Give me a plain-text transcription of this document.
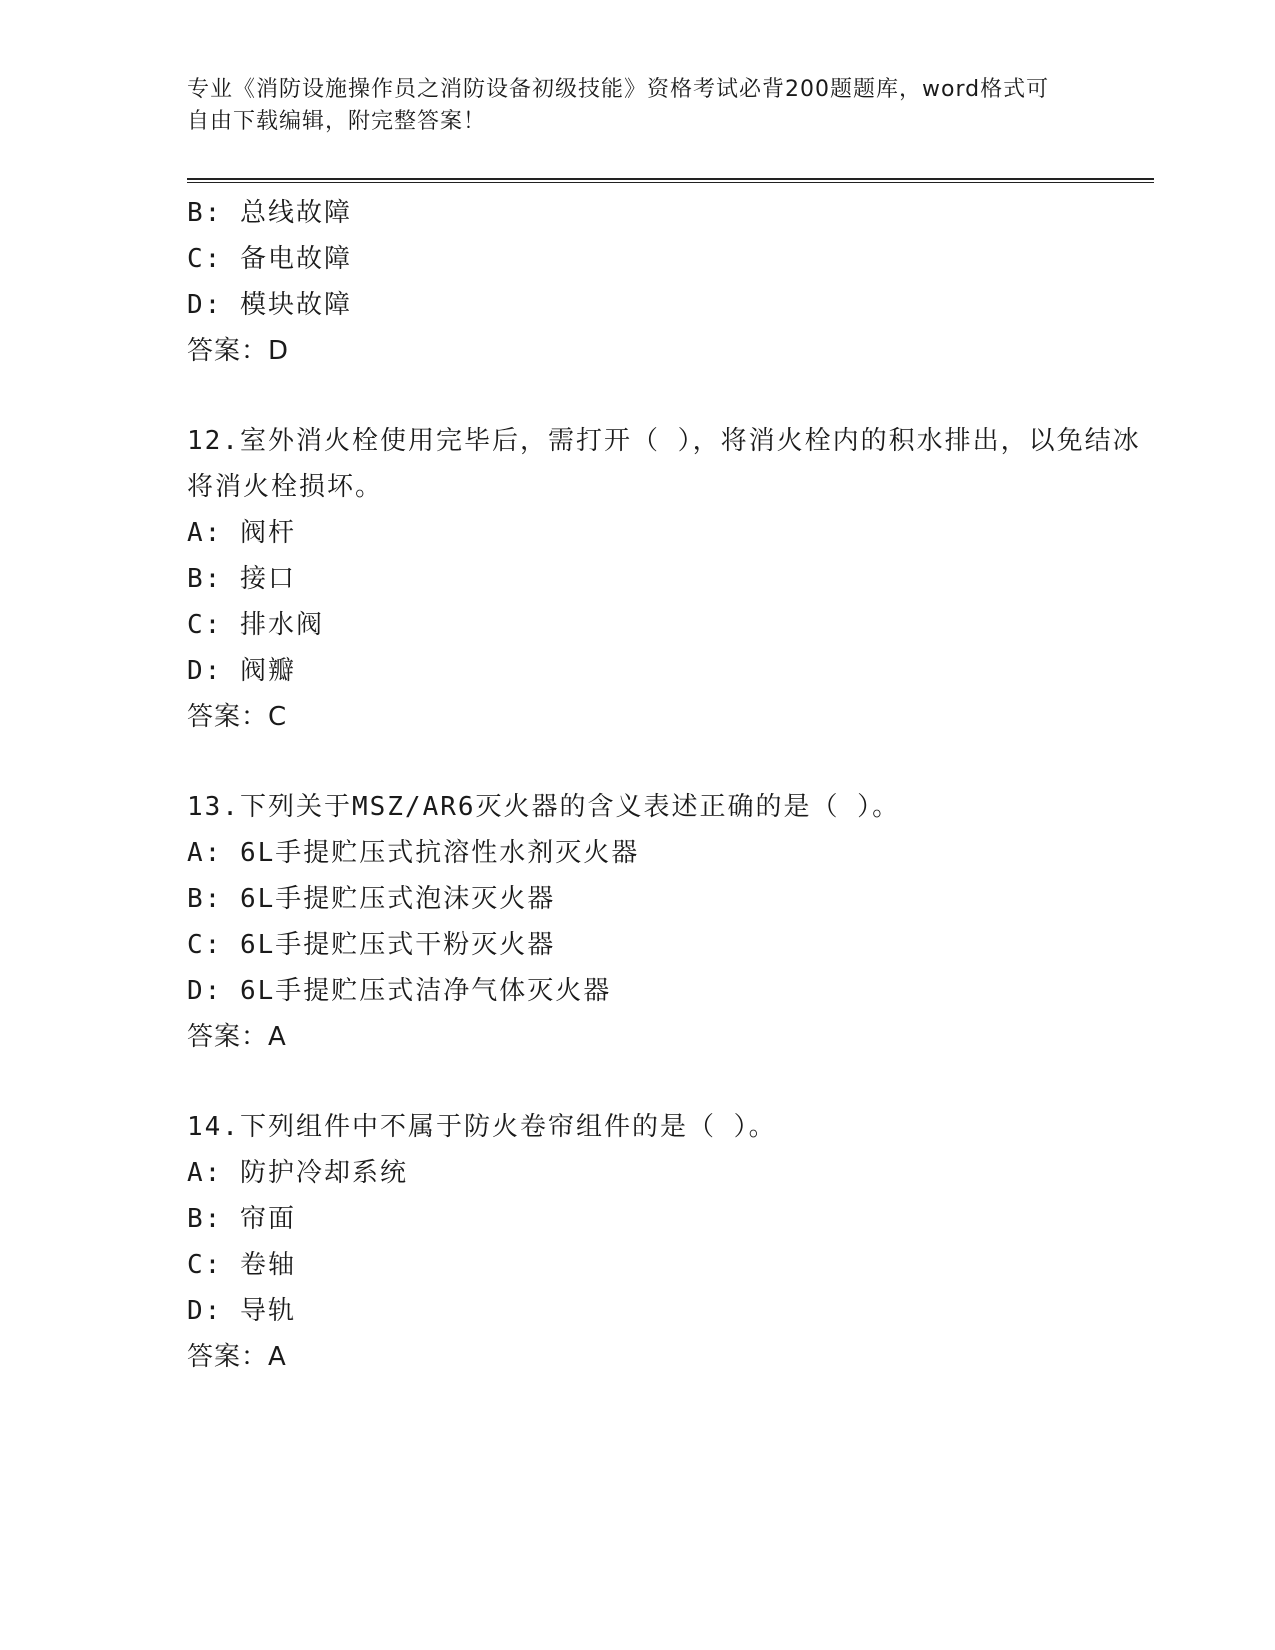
专业《消防设施操作员之消防设备初级技能》资格考试必背200题题库，word格式可自由下载编辑，附完整答案！
B: 总线故障
C: 备电故障
D: 模块故障
答案：D
12.室外消火栓使用完毕后，需打开（ ），将消火栓内的积水排出，以免结冰将消火栓损坏。
A: 阀杆
B: 接口
C: 排水阀
D: 阀瓣
答案：C
13.下列关于MSZ/AR6灭火器的含义表述正确的是（ ）。
A: 6L手提贮压式抗溶性水剂灭火器
B: 6L手提贮压式泡沫灭火器
C: 6L手提贮压式干粉灭火器
D: 6L手提贮压式洁净气体灭火器
答案：A
14.下列组件中不属于防火卷帘组件的是（ ）。
A: 防护冷却系统
B: 帘面
C: 卷轴
D: 导轨
答案：A
